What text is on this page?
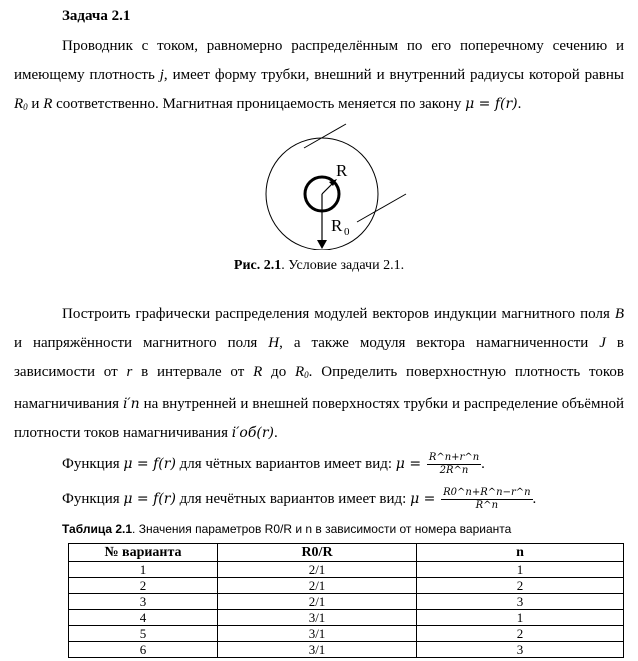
Задача 2.1
Проводник с током, равномерно распределённым по его поперечному сечению и имеющему плотность j, имеет форму трубки, внешний и внутренний радиусы которой равны $R_0$ и R соответственно. Магнитная проницаемость меняется по закону μ = f(r).
R
R 0
Рис. 2.1. Условие задачи 2.1.
Построить графически распределения модулей векторов индукции магнитного поля B и напряжённости магнитного поля H, а также модуля вектора намагниченности J в зависимости от r в интервале от R до $R_0$. Определить поверхностную плотность токов намагничивания i′п на внутренней и внешней поверхностях трубки и распределение объёмной плотности токов намагничивания i′об(r).
Функция μ = f(r) для чётных вариантов имеет вид: $\mu = \frac{R\^{}n+r\^{}n}{2R\^{}n}$ .
Функция μ = f(r) для нечётных вариантов имеет вид: $\mu = \frac{R0\^{}n+R\^{}n-r\^{}n}{R\^{}n}$ .
Таблица 2.1. Значения параметров R0/R и n в зависимости от номера варианта
№ варианта	R0/R	n
1	2/1	1
2	2/1	2
3	2/1	3
4	3/1	1
5	3/1	2
6	3/1	3
